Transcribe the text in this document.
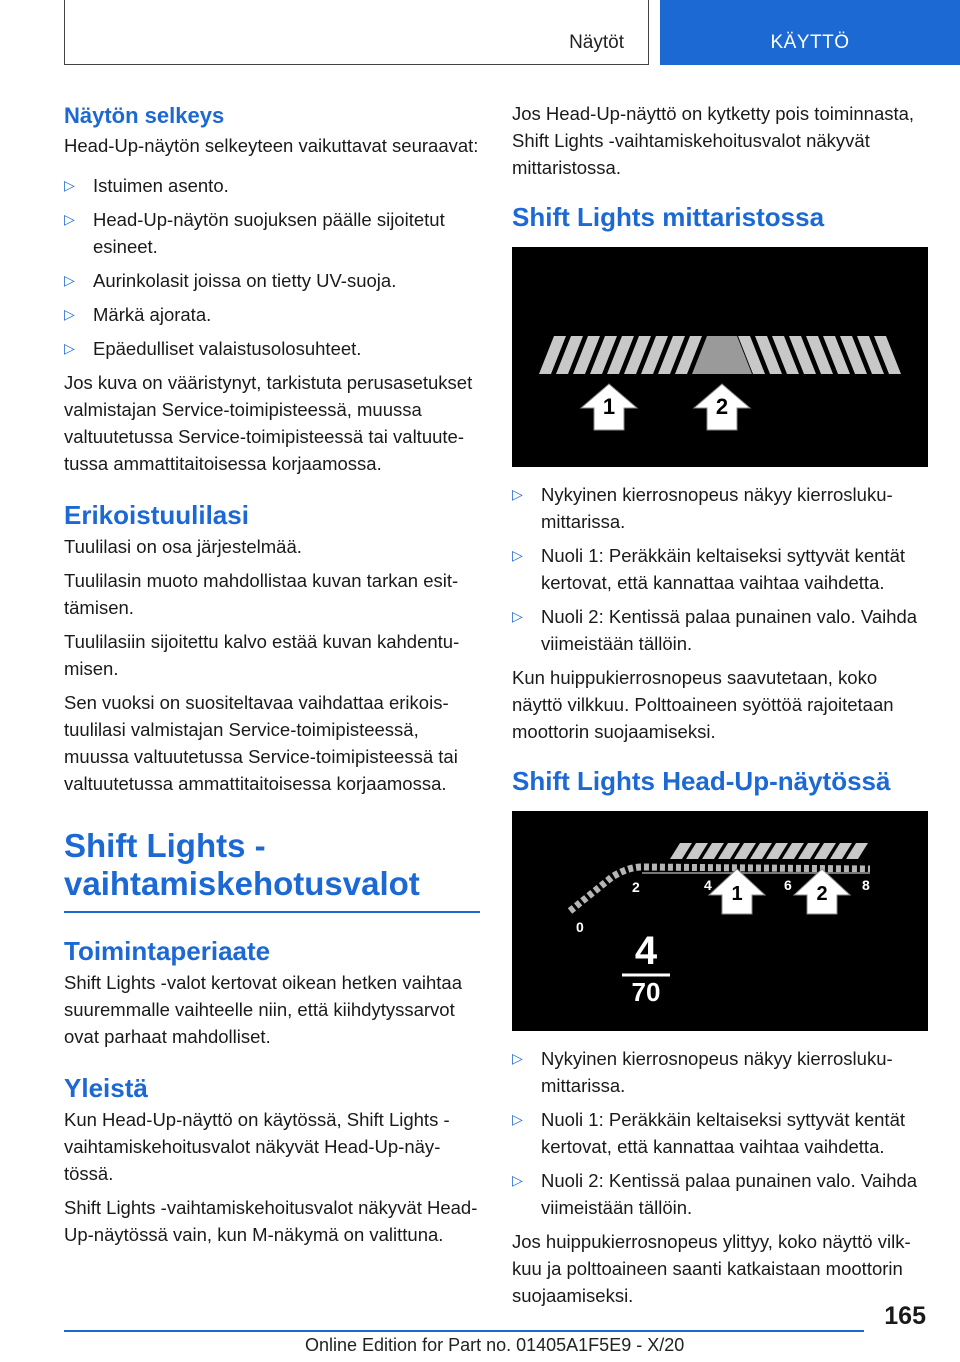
Näytöt	KÄYTTÖ
Näytön selkeys

Head-Up-näytön selkeyteen vaikuttavat seuraavat:

▷ Istuimen asento.
▷ Head-Up-näytön suojuksen päälle sijoitetut esineet.
▷ Aurinkolasit joissa on tietty UV-suoja.
▷ Märkä ajorata.
▷ Epäedulliset valaistusolosuhteet.

Jos kuva on vääristynyt, tarkistuta perusasetukset valmistajan Service-toimipisteessä, muussa valtuutetussa Service-toimipisteessä tai valtuutetussa ammattitaitoisessa korjaamossa.

Erikoistuulilasi

Tuulilasi on osa järjestelmää.

Tuulilasin muoto mahdollistaa kuvan tarkan esittämisen.

Tuulilasiin sijoitettu kalvo estää kuvan kahdentumisen.

Sen vuoksi on suositeltavaa vaihdattaa erikoistuulilasi valmistajan Service-toimipisteessä, muussa valtuutetussa Service-toimipisteessä tai valtuutetussa ammattitaitoisessa korjaamossa.

Shift Lights - vaihtamiskehotusvalot
Toimintaperiaate

Shift Lights -valot kertovat oikean hetken vaihtaa suuremmalle vaihteelle niin, että kiihdytyssarvot ovat parhaat mahdolliset.

Yleistä

Kun Head-Up-näyttö on käytössä, Shift Lights -vaihtamiskehoitusvalot näkyvät Head-Up-näytössä.

Shift Lights -vaihtamiskehoitusvalot näkyvät Head-Up-näytössä vain, kun M-näkymä on valittuna.

Jos Head-Up-näyttö on kytketty pois toiminnasta, Shift Lights -vaihtamiskehoitusvalot näkyvät mittaristossa.

Shift Lights mittaristossa
1	2
▷ Nykyinen kierrosnopeus näkyy kierroslukumittarissa.
▷ Nuoli 1: Peräkkäin keltaiseksi syttyvät kentät kertovat, että kannattaa vaihtaa vaihdetta.
▷ Nuoli 2: Kentissä palaa punainen valo. Vaihda viimeistään tällöin.

Kun huippukierrosnopeus saavutetaan, koko näyttö vilkkuu. Polttoaineen syöttöä rajoitetaan moottorin suojaamiseksi.

Shift Lights Head-Up-näytössä
0
2	4	6	8
1	2
4
70
▷ Nykyinen kierrosnopeus näkyy kierroslukumittarissa.
▷ Nuoli 1: Peräkkäin keltaiseksi syttyvät kentät kertovat, että kannattaa vaihtaa vaihdetta.
▷ Nuoli 2: Kentissä palaa punainen valo. Vaihda viimeistään tällöin.

Jos huippukierrosnopeus ylittyy, koko näyttö vilkkuu ja polttoaineen saanti katkaistaan moottorin suojaamiseksi.

165
Online Edition for Part no. 01405A1F5E9 - X/20
